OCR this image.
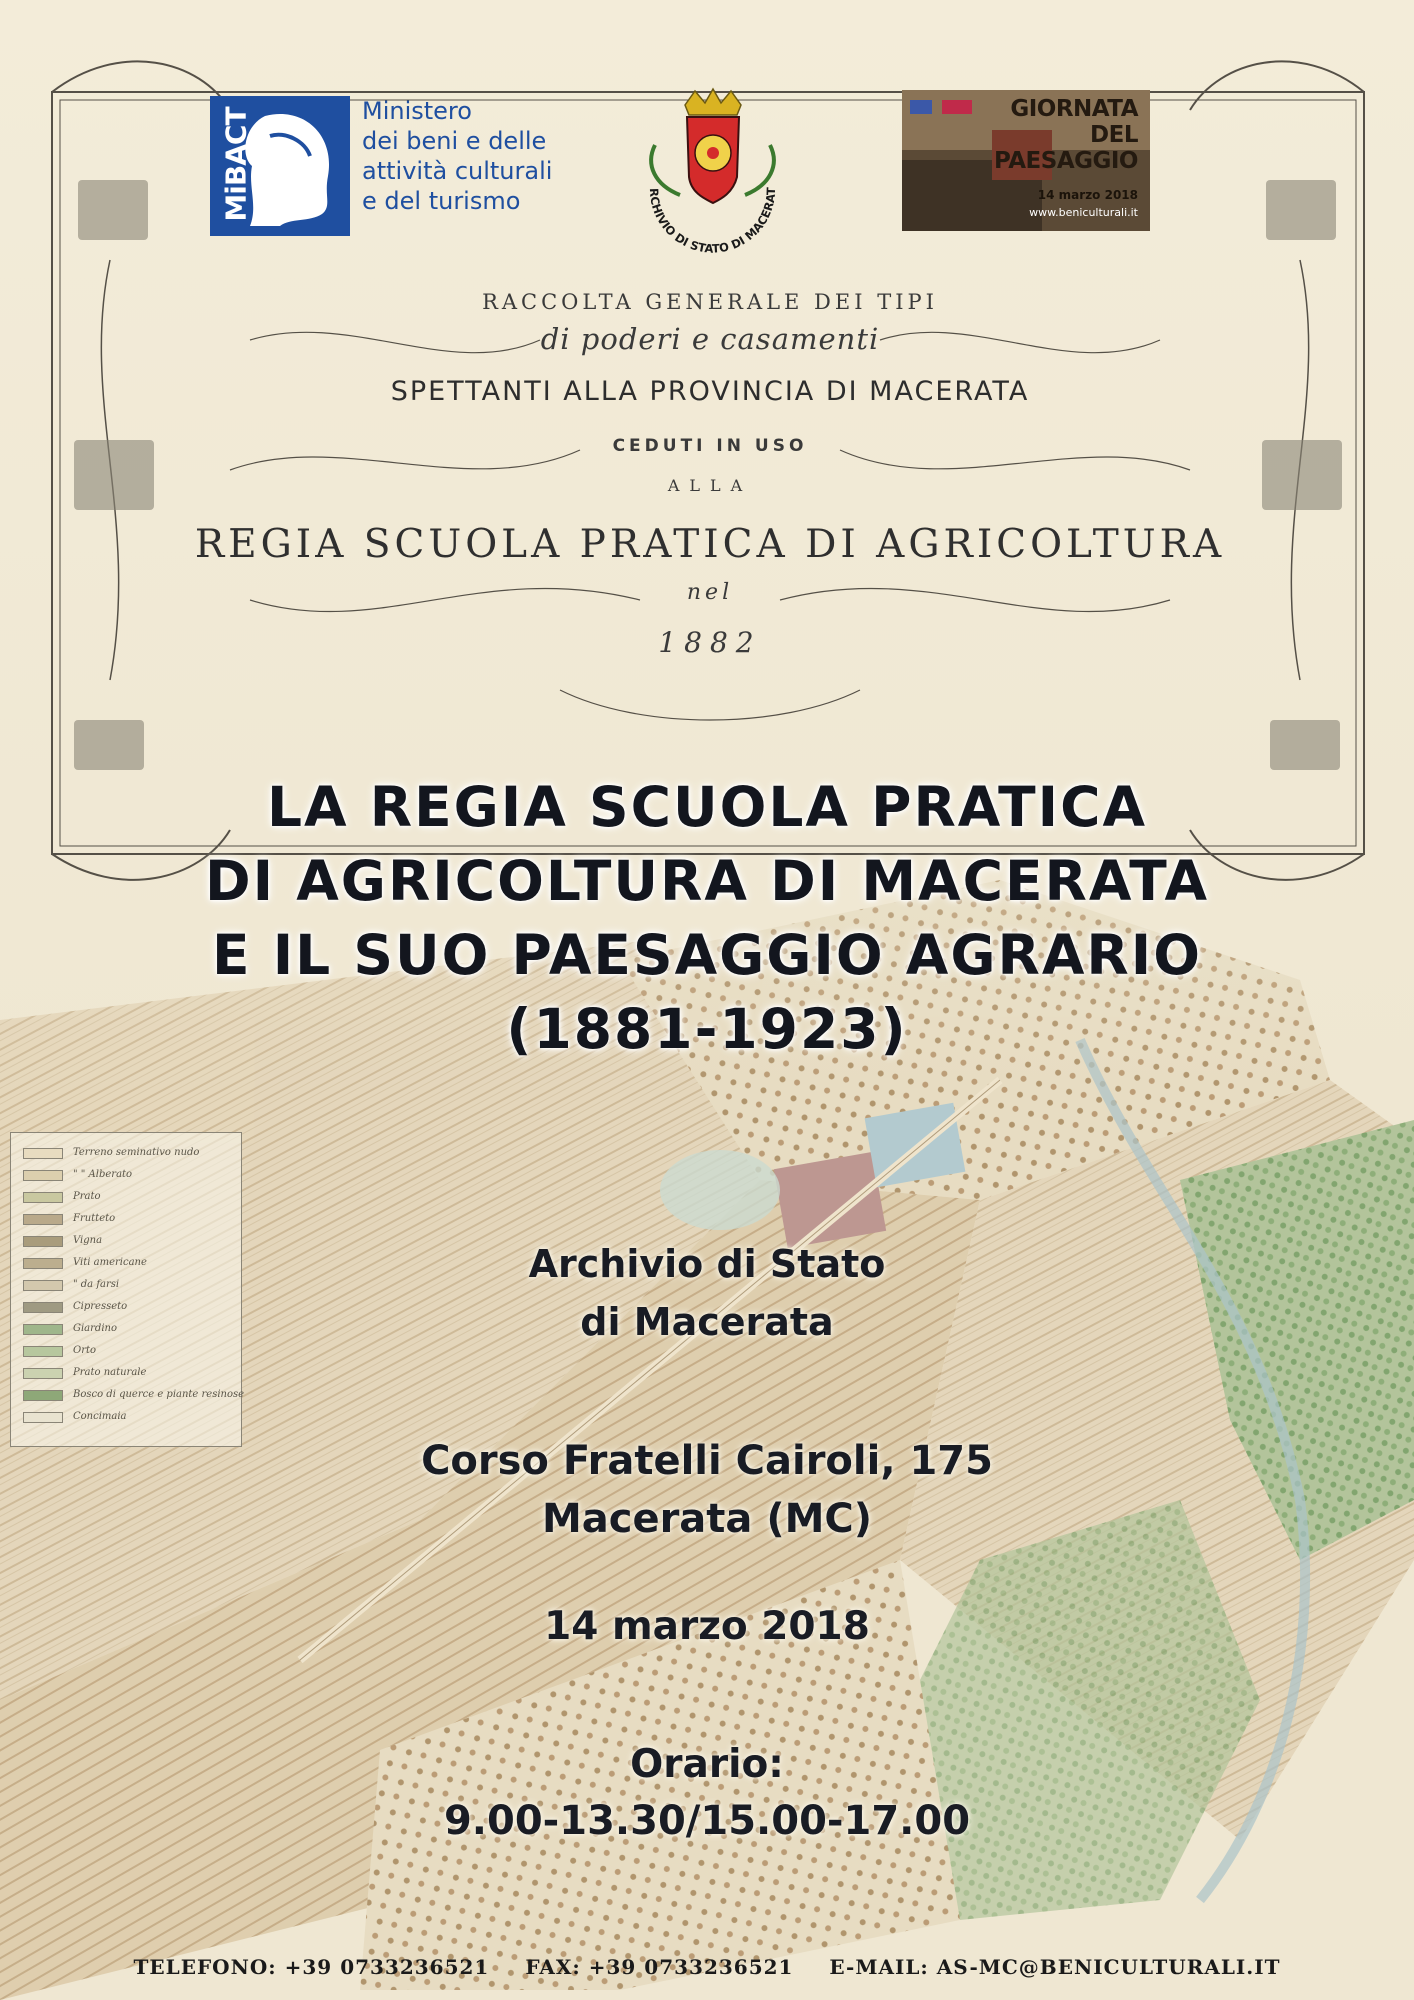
MiBACT	Ministero
dei beni e delle
attività culturali
e del turismo	RCHIVIO DI STATO DI MACERAT
GIORNATA
DEL
PAESAGGIO
14 marzo 2018
www.beniculturali.it
RACCOLTA GENERALE DEI TIPI
di poderi e casamenti
SPETTANTI ALLA PROVINCIA DI MACERATA
CEDUTI IN USO
ALLA
REGIA SCUOLA PRATICA DI AGRICOLTURA
nel
1882
LA REGIA SCUOLA PRATICA
DI AGRICOLTURA DI MACERATA
E IL SUO PAESAGGIO AGRARIO
(1881-1923)
Terreno seminativo nudo
" " Alberato
Prato
Frutteto
Vigna
Viti americane
" da farsi
Cipresseto
Giardino
Orto
Prato naturale
Bosco di querce e piante resinose
Concimaia
Archivio di Stato
di Macerata
Corso Fratelli Cairoli, 175
Macerata (MC)
14 marzo 2018
Orario:
9.00-13.30/15.00-17.00
TELEFONO: +39 0733236521 FAX: +39 0733236521 E-MAIL: AS-MC@BENICULTURALI.IT
